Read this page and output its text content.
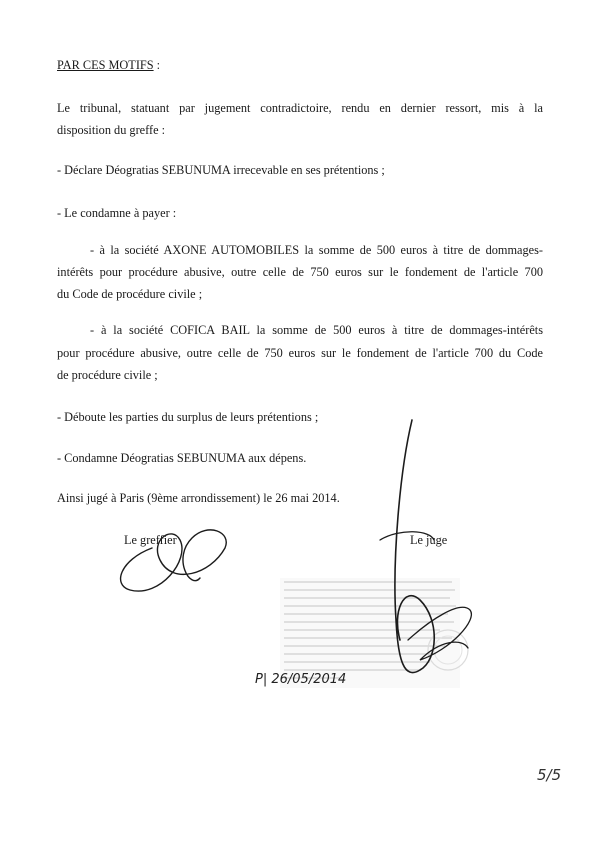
PAR CES MOTIFS :
Le tribunal, statuant par jugement contradictoire, rendu en dernier ressort, mis à la
disposition du greffe :
- Déclare Déogratias SEBUNUMA irrecevable en ses prétentions ;
- Le condamne à payer :
- à la société AXONE AUTOMOBILES la somme de 500 euros à titre de dommages-
intérêts pour procédure abusive, outre celle de 750 euros sur le fondement de l'article 700
du Code de procédure civile ;
- à la société COFICA BAIL la somme de 500 euros à titre de dommages-intérêts
pour procédure abusive, outre celle de 750 euros sur le fondement de l'article 700 du Code
de procédure civile ;
- Déboute les parties du surplus de leurs prétentions ;
- Condamne Déogratias SEBUNUMA aux dépens.
Ainsi jugé à Paris (9ème arrondissement) le 26 mai 2014.
Le greffier	Le juge
P| 26/05/2014
5/5
